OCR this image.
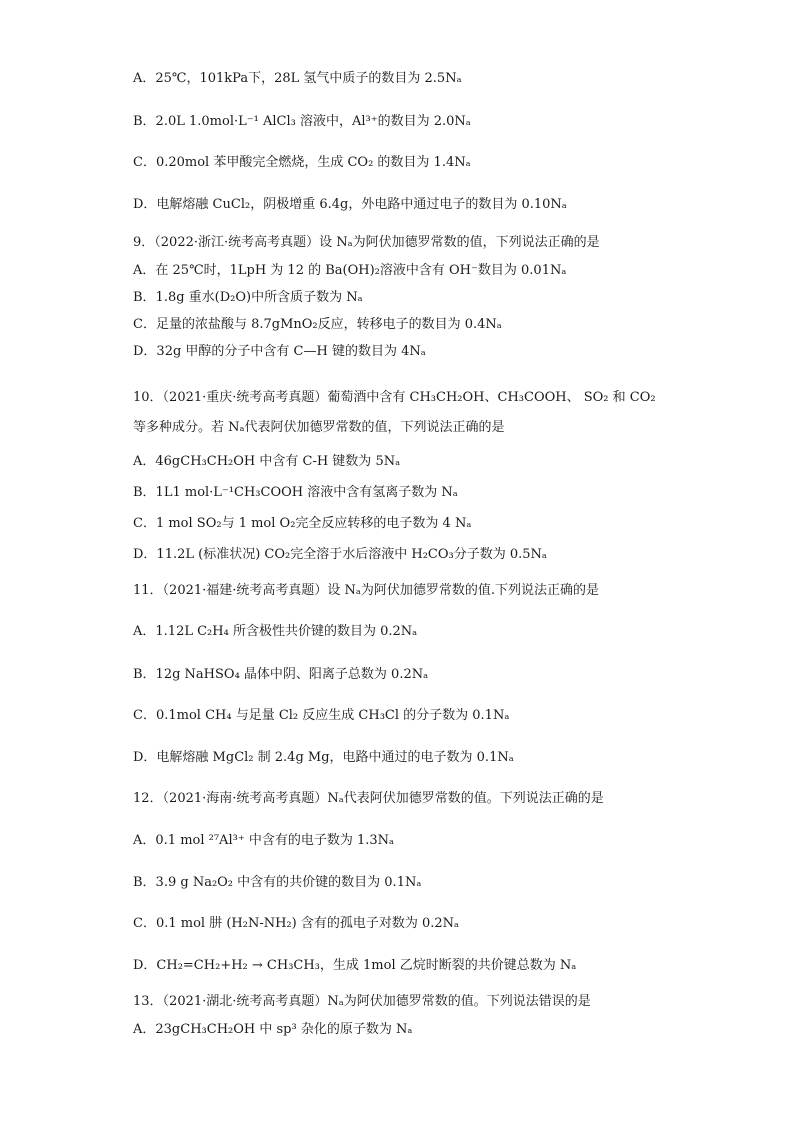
A．25℃，101kPa下，28L 氢气中质子的数目为 2.5Nₐ
B．2.0L 1.0mol·L⁻¹ AlCl₃ 溶液中，Al³⁺的数目为 2.0Nₐ
C．0.20mol 苯甲酸完全燃烧，生成 CO₂ 的数目为 1.4Nₐ
D．电解熔融 CuCl₂，阴极增重 6.4g，外电路中通过电子的数目为 0.10Nₐ
9．（2022·浙江·统考高考真题）设 Nₐ为阿伏加德罗常数的值，下列说法正确的是
A．在 25℃时，1LpH 为 12 的 Ba(OH)₂溶液中含有 OH⁻数目为 0.01Nₐ
B．1.8g 重水(D₂O)中所含质子数为 Nₐ
C．足量的浓盐酸与 8.7gMnO₂反应，转移电子的数目为 0.4Nₐ
D．32g 甲醇的分子中含有 C—H 键的数目为 4Nₐ
10．（2021·重庆·统考高考真题）葡萄酒中含有 CH₃CH₂OH、CH₃COOH、 SO₂ 和 CO₂
等多种成分。若 Nₐ代表阿伏加德罗常数的值，下列说法正确的是
A．46gCH₃CH₂OH 中含有 C-H 键数为 5Nₐ
B．1L1 mol·L⁻¹CH₃COOH 溶液中含有氢离子数为 Nₐ
C．1 mol SO₂与 1 mol O₂完全反应转移的电子数为 4 Nₐ
D．11.2L (标准状况) CO₂完全溶于水后溶液中 H₂CO₃分子数为 0.5Nₐ
11．（2021·福建·统考高考真题）设 Nₐ为阿伏加德罗常数的值.下列说法正确的是
A．1.12L C₂H₄ 所含极性共价键的数目为 0.2Nₐ
B．12g NaHSO₄ 晶体中阴、阳离子总数为 0.2Nₐ
C．0.1mol CH₄ 与足量 Cl₂ 反应生成 CH₃Cl 的分子数为 0.1Nₐ
D．电解熔融 MgCl₂ 制 2.4g Mg，电路中通过的电子数为 0.1Nₐ
12．（2021·海南·统考高考真题）Nₐ代表阿伏加德罗常数的值。下列说法正确的是
A．0.1 mol ²⁷Al³⁺ 中含有的电子数为 1.3Nₐ
B．3.9 g Na₂O₂ 中含有的共价键的数目为 0.1Nₐ
C．0.1 mol 肼 (H₂N-NH₂) 含有的孤电子对数为 0.2Nₐ
D．CH₂=CH₂+H₂ → CH₃CH₃，生成 1mol 乙烷时断裂的共价键总数为 Nₐ
13．（2021·湖北·统考高考真题）Nₐ为阿伏加德罗常数的值。下列说法错误的是
A．23gCH₃CH₂OH 中 sp³ 杂化的原子数为 Nₐ
